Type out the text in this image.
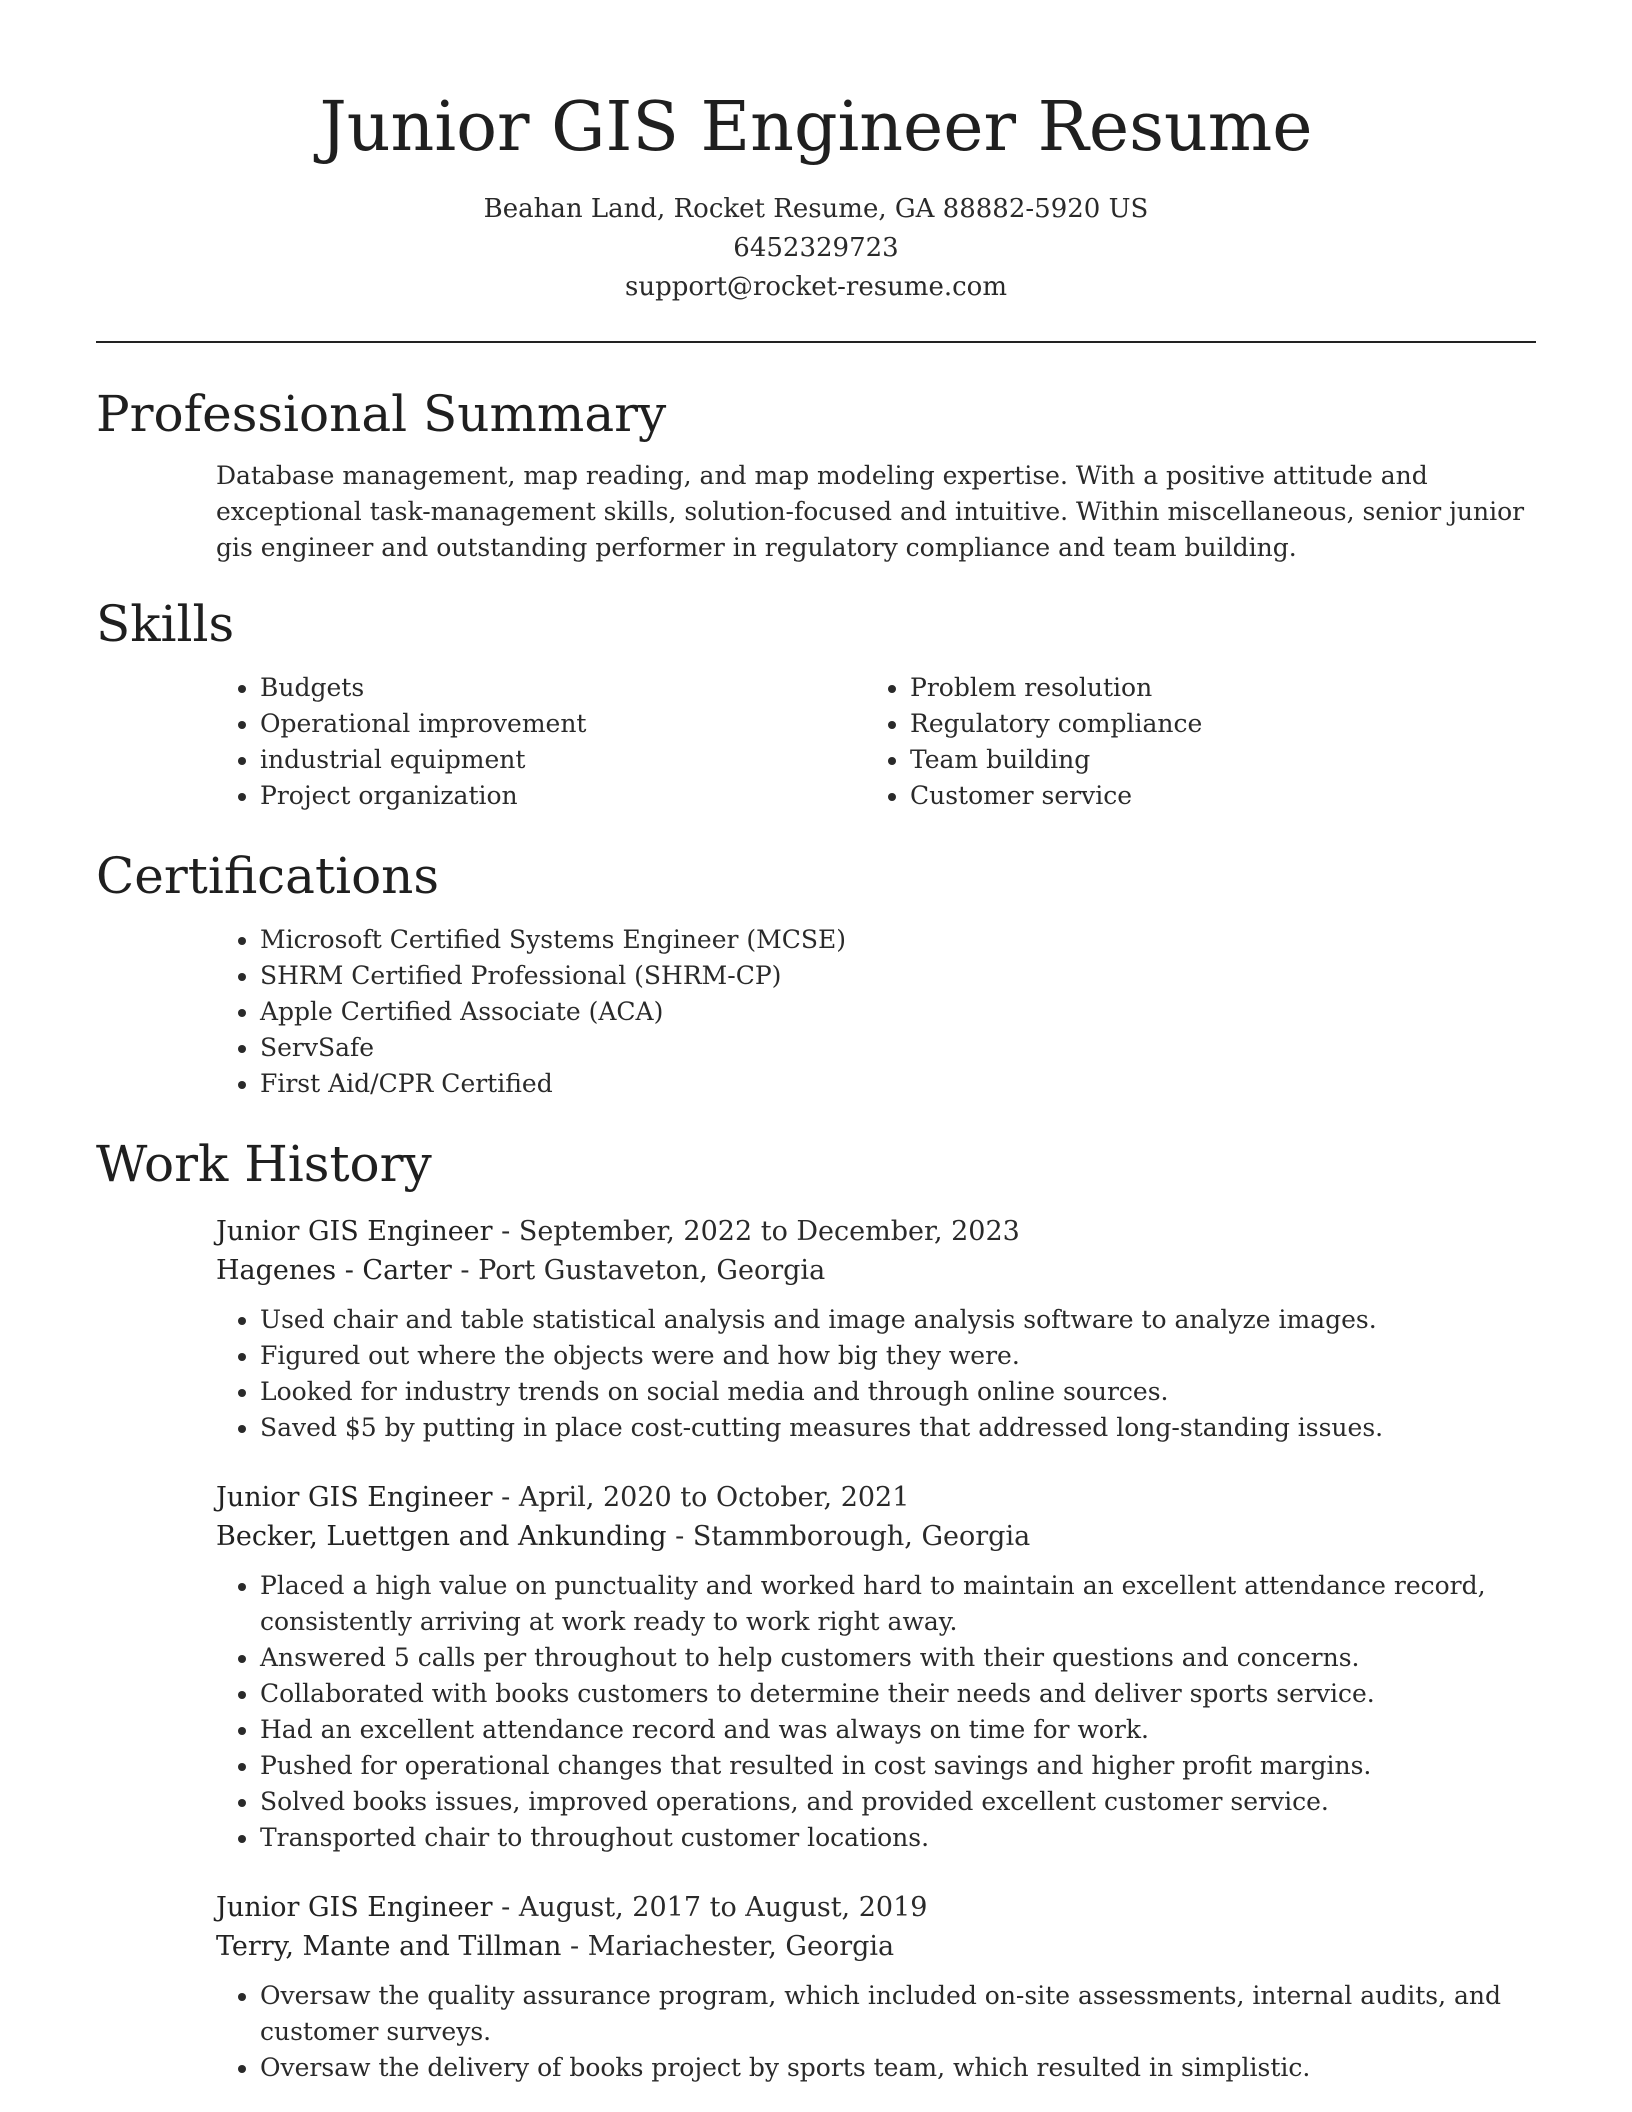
Junior GIS Engineer Resume

Beahan Land, Rocket Resume, GA 88882-5920 US

6452329723

support@rocket-resume.com

Professional Summary

Database management, map reading, and map modeling expertise. With a positive attitude and exceptional task-management skills, solution-focused and intuitive. Within miscellaneous, senior junior gis engineer and outstanding performer in regulatory compliance and team building.

Skills
• Budgets
• Operational improvement
• industrial equipment
• Project organization
• Problem resolution
• Regulatory compliance
• Team building
• Customer service
Certifications
• Microsoft Certified Systems Engineer (MCSE)
• SHRM Certified Professional (SHRM-CP)
• Apple Certified Associate (ACA)
• ServSafe
• First Aid/CPR Certified
Work History

Junior GIS Engineer - September, 2022 to December, 2023

Hagenes - Carter - Port Gustaveton, Georgia

• Used chair and table statistical analysis and image analysis software to analyze images.
• Figured out where the objects were and how big they were.
• Looked for industry trends on social media and through online sources.
• Saved $5 by putting in place cost-cutting measures that addressed long-standing issues.

Junior GIS Engineer - April, 2020 to October, 2021

Becker, Luettgen and Ankunding - Stammborough, Georgia

• Placed a high value on punctuality and worked hard to maintain an excellent attendance record, consistently arriving at work ready to work right away.
• Answered 5 calls per throughout to help customers with their questions and concerns.
• Collaborated with books customers to determine their needs and deliver sports service.
• Had an excellent attendance record and was always on time for work.
• Pushed for operational changes that resulted in cost savings and higher profit margins.
• Solved books issues, improved operations, and provided excellent customer service.
• Transported chair to throughout customer locations.

Junior GIS Engineer - August, 2017 to August, 2019

Terry, Mante and Tillman - Mariachester, Georgia

• Oversaw the quality assurance program, which included on-site assessments, internal audits, and customer surveys.
• Oversaw the delivery of books project by sports team, which resulted in simplistic.
